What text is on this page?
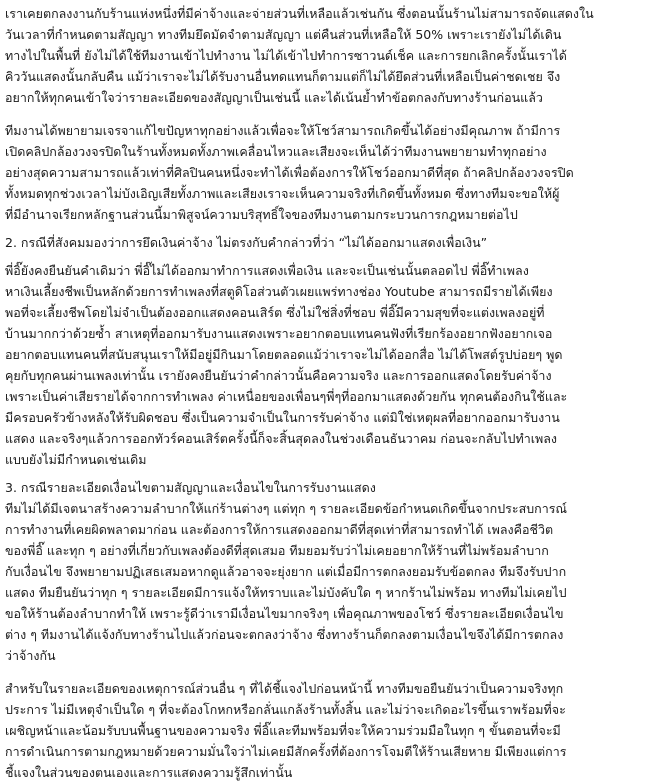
เราเคยตกลงงานกับร้านแห่งหนึ่งที่มีค่าจ้างและจ่ายส่วนที่เหลือแล้วเช่นกัน ซึ่งตอนนั้นร้านไม่สามารถจัดแสดงใน
วันเวลาที่กำหนดตามสัญญา ทางทีมยึดมัดจำตามสัญญา แต่คืนส่วนที่เหลือให้ 50% เพราะเรายังไม่ได้เดิน
ทางไปในพื้นที่ ยังไม่ได้ใช้ทีมงานเข้าไปทำงาน ไม่ได้เข้าไปทำการซาวนด์เช็ค และการยกเลิกครั้งนั้นเราได้
คิววันแสดงนั้นกลับคืน แม้ว่าเราจะไม่ได้รับงานอื่นทดแทนก็ตามแต่ก็ไม่ได้ยึดส่วนที่เหลือเป็นค่าชดเชย จึง
อยากให้ทุกคนเข้าใจว่ารายละเอียดของสัญญาเป็นเช่นนี้ และได้เน้นย้ำทำข้อตกลงกับทางร้านก่อนแล้ว
ทีมงานได้พยายามเจรจาแก้ไขปัญหาทุกอย่างแล้วเพื่อจะให้โชว์สามารถเกิดขึ้นได้อย่างมีคุณภาพ ถ้ามีการ
เปิดคลิปกล้องวงจรปิดในร้านทั้งหมดทั้งภาพเคลื่อนไหวและเสียงจะเห็นได้ว่าทีมงานพยายามทำทุกอย่าง
อย่างสุดความสามารถแล้วเท่าที่ศิลปินคนหนึ่งจะทำได้เพื่อต้องการให้โชว์ออกมาดีที่สุด ถ้าคลิปกล้องวงจรปิด
ทั้งหมดทุกช่วงเวลาไม่บังเอิญเสียทั้งภาพและเสียงเราจะเห็นความจริงที่เกิดขึ้นทั้งหมด ซึ่งทางทีมจะขอให้ผู้
ที่มีอำนาจเรียกหลักฐานส่วนนี้มาพิสูจน์ความบริสุทธิ์ใจของทีมงานตามกระบวนการกฎหมายต่อไป
2. กรณีที่สังคมมองว่าการยึดเงินค่าจ้าง ไม่ตรงกับคำกล่าวที่ว่า “ไม่ได้ออกมาแสดงเพื่อเงิน”
พี่อิ๊ยังคงยืนยันคำเดิมว่า พี่อิ๊ไม่ได้ออกมาทำการแสดงเพื่อเงิน และจะเป็นเช่นนั้นตลอดไป พี่อิ๊ทำเพลง
หาเงินเลี้ยงชีพเป็นหลักด้วยการทำเพลงที่สตูดิโอส่วนตัวเผยแพร่ทางช่อง Youtube สามารถมีรายได้เพียง
พอที่จะเลี้ยงชีพโดยไม่จำเป็นต้องออกแสดงคอนเสิร์ต ซึ่งไม่ใช่สิ่งที่ชอบ พี่อิ๊มีความสุขที่จะแต่งเพลงอยู่ที่
บ้านมากกว่าด้วยซ้ำ สาเหตุที่ออกมารับงานแสดงเพราะอยากตอบแทนคนฟังที่เรียกร้องอยากฟังอยากเจอ
อยากตอบแทนคนที่สนับสนุนเราให้มีอยู่มีกินมาโดยตลอดแม้ว่าเราจะไม่ได้ออกสื่อ ไม่ได้โพสต์รูปบ่อยๆ พูด
คุยกับทุกคนผ่านเพลงเท่านั้น เรายังคงยืนยันว่าคำกล่าวนั้นคือความจริง และการออกแสดงโดยรับค่าจ้าง
เพราะเป็นค่าเสียรายได้จากการทำเพลง ค่าเหนื่อยของเพื่อนๆพี่ๆที่ออกมาแสดงด้วยกัน ทุกคนต้องกินใช้และ
มีครอบครัวข้างหลังให้รับผิดชอบ ซึ่งเป็นความจำเป็นในการรับค่าจ้าง แต่มิใช่เหตุผลที่อยากออกมารับงาน
แสดง และจริงๆแล้วการออกทัวร์คอนเสิร์ตครั้งนี้ก็จะสิ้นสุดลงในช่วงเดือนธันวาคม ก่อนจะกลับไปทำเพลง
แบบยังไม่มีกำหนดเช่นเดิม
3. กรณีรายละเอียดเงื่อนไขตามสัญญาและเงื่อนไขในการรับงานแสดง
ทีมไม่ได้มีเจตนาสร้างความลำบากให้แก่ร้านต่างๆ แต่ทุก ๆ รายละเอียดข้อกำหนดเกิดขึ้นจากประสบการณ์
การทำงานที่เคยผิดพลาดมาก่อน และต้องการให้การแสดงออกมาดีที่สุดเท่าที่สามารถทำได้ เพลงคือชีวิต
ของพี่อิ๊ และทุก ๆ อย่างที่เกี่ยวกับเพลงต้องดีที่สุดเสมอ ทีมยอมรับว่าไม่เคยอยากให้ร้านที่ไม่พร้อมลำบาก
กับเงื่อนไข จึงพยายามปฏิเสธเสมอหากดูแล้วอาจจะยุ่งยาก แต่เมื่อมีการตกลงยอมรับข้อตกลง ทีมจึงรับปาก
แสดง ทีมยืนยันว่าทุก ๆ รายละเอียดมีการแจ้งให้ทราบและไม่บังคับใด ๆ หากร้านไม่พร้อม ทางทีมไม่เคยไป
ขอให้ร้านต้องลำบากทำให้ เพราะรู้ดีว่าเรามีเงื่อนไขมากจริงๆ เพื่อคุณภาพของโชว์ ซึ่งรายละเอียดเงื่อนไข
ต่าง ๆ ทีมงานได้แจ้งกับทางร้านไปแล้วก่อนจะตกลงว่าจ้าง ซึ่งทางร้านก็ตกลงตามเงื่อนไขจึงได้มีการตกลง
ว่าจ้างกัน
สำหรับในรายละเอียดของเหตุการณ์ส่วนอื่น ๆ ที่ได้ชี้แจงไปก่อนหน้านี้ ทางทีมขอยืนยันว่าเป็นความจริงทุก
ประการ ไม่มีเหตุจำเป็นใด ๆ ที่จะต้องโกหกหรือกลั่นแกล้งร้านทั้งสิ้น และไม่ว่าจะเกิดอะไรขึ้นเราพร้อมที่จะ
เผชิญหน้าและน้อมรับบนพื้นฐานของความจริง พี่อิ๊และทีมพร้อมที่จะให้ความร่วมมือในทุก ๆ ขั้นตอนที่จะมี
การดำเนินการตามกฎหมายด้วยความมั่นใจว่าไม่เคยมีสักครั้งที่ต้องการโจมตีให้ร้านเสียหาย มีเพียงแต่การ
ชี้แจงในส่วนของตนเองและการแสดงความรู้สึกเท่านั้น
